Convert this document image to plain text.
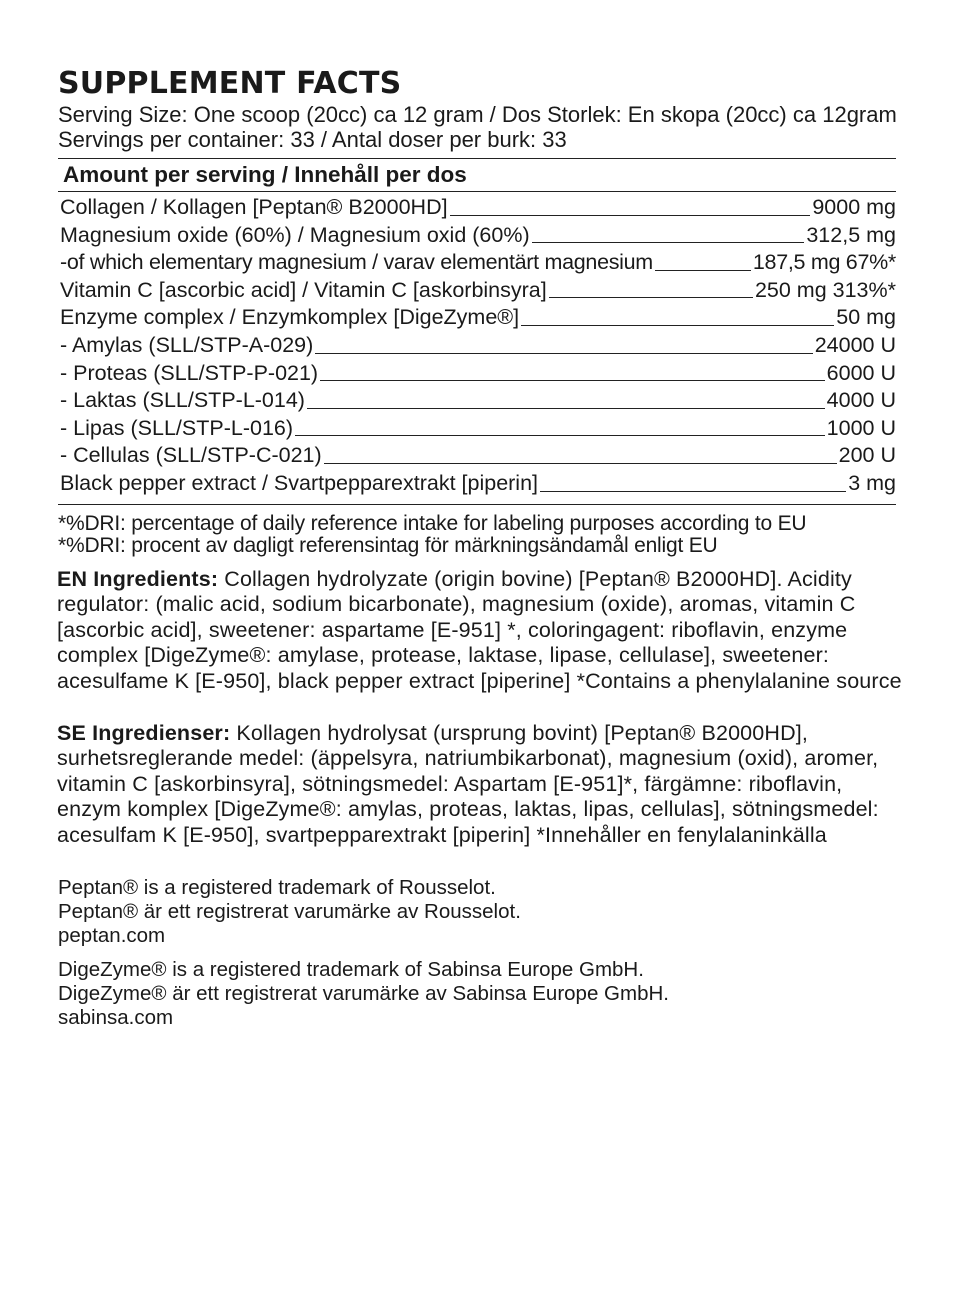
SUPPLEMENT FACTS
Serving Size: One scoop (20cc) ca 12 gram / Dos Storlek: En skopa (20cc) ca 12gram
Servings per container: 33 / Antal doser per burk: 33
Amount per serving / Innehåll per dos
Collagen / Kollagen [Peptan® B2000HD]	9000 mg
Magnesium oxide (60%) / Magnesium oxid (60%)	312,5 mg
-of which elementary magnesium / varav elementärt magnesium	187,5 mg 67%*
Vitamin C [ascorbic acid] / Vitamin C [askorbinsyra]	250 mg 313%*
Enzyme complex / Enzymkomplex [DigeZyme®]	50 mg
- Amylas (SLL/STP-A-029)	24000 U
- Proteas (SLL/STP-P-021)	6000 U
- Laktas (SLL/STP-L-014)	4000 U
- Lipas (SLL/STP-L-016)	1000 U
- Cellulas (SLL/STP-C-021)	200 U
Black pepper extract / Svartpepparextrakt [piperin]	3 mg
*%DRI: percentage of daily reference intake for labeling purposes according to EU
*%DRI: procent av dagligt referensintag för märkningsändamål enligt EU
EN Ingredients: Collagen hydrolyzate (origin bovine) [Peptan® B2000HD]. Acidity regulator: (malic acid, sodium bicarbonate), magnesium (oxide), aromas, vitamin C [ascorbic acid], sweetener: aspartame [E-951] *, coloringagent: riboflavin, enzyme complex [DigeZyme®: amylase, protease, laktase, lipase, cellulase], sweetener: acesulfame K [E-950], black pepper extract [piperine] *Contains a phenylalanine source
SE Ingredienser: Kollagen hydrolysat (ursprung bovint) [Peptan® B2000HD], surhetsreglerande medel: (äppelsyra, natriumbikarbonat), magnesium (oxid), aromer, vitamin C [askorbinsyra], sötningsmedel: Aspartam [E-951]*, färgämne: riboflavin, enzym komplex [DigeZyme®: amylas, proteas, laktas, lipas, cellulas], sötningsmedel: acesulfam K [E-950], svartpepparextrakt [piperin] *Innehåller en fenylalaninkälla
Peptan® is a registered trademark of Rousselot.
Peptan® är ett registrerat varumärke av Rousselot.
peptan.com
DigeZyme® is a registered trademark of Sabinsa Europe GmbH.
DigeZyme® är ett registrerat varumärke av Sabinsa Europe GmbH.
sabinsa.com
